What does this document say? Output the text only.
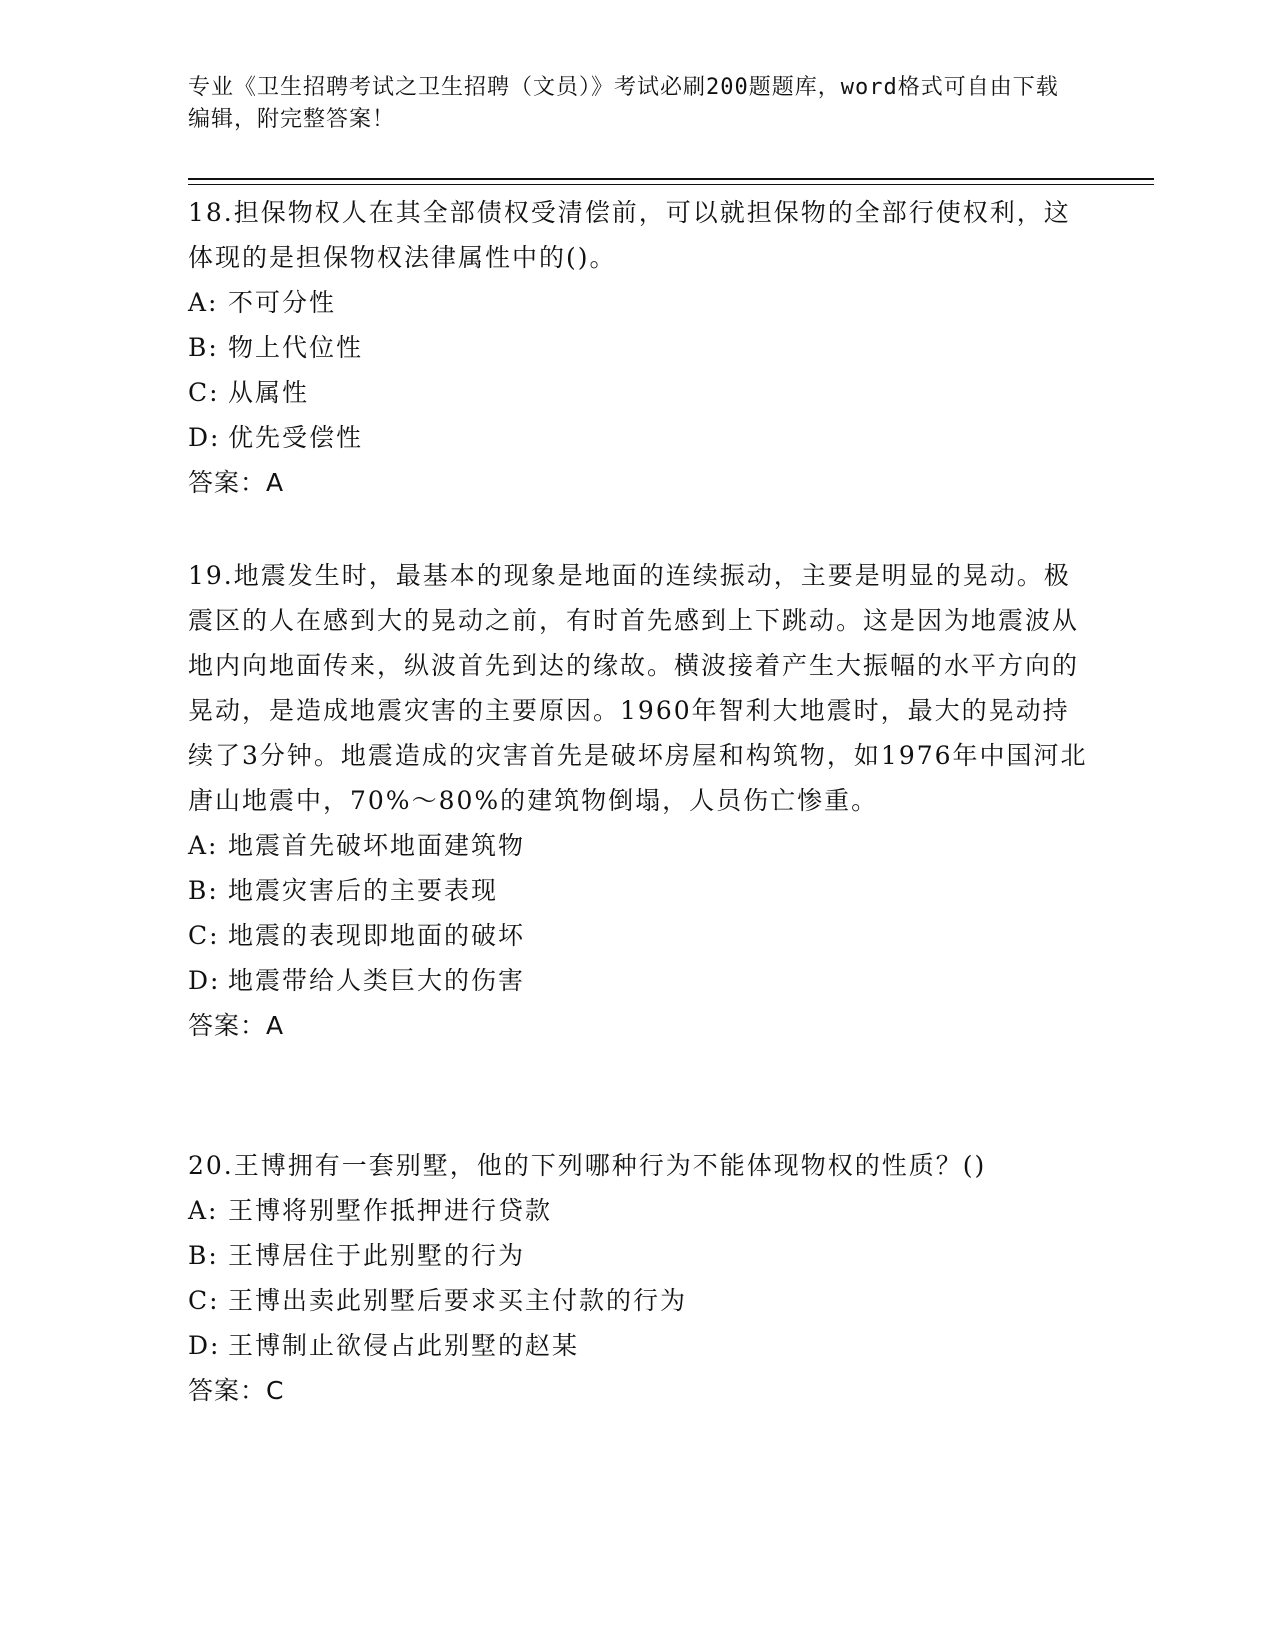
专业《卫生招聘考试之卫生招聘（文员）》考试必刷200题题库，word格式可自由下载编辑，附完整答案！

18.担保物权人在其全部债权受清偿前，可以就担保物的全部行使权利，这体现的是担保物权法律属性中的()。

A: 不可分性

B: 物上代位性

C: 从属性

D: 优先受偿性

答案：A

19.地震发生时，最基本的现象是地面的连续振动，主要是明显的晃动。极震区的人在感到大的晃动之前，有时首先感到上下跳动。这是因为地震波从地内向地面传来，纵波首先到达的缘故。横波接着产生大振幅的水平方向的晃动，是造成地震灾害的主要原因。1960年智利大地震时，最大的晃动持续了3分钟。地震造成的灾害首先是破坏房屋和构筑物，如1976年中国河北唐山地震中，70%～80%的建筑物倒塌，人员伤亡惨重。

A: 地震首先破坏地面建筑物

B: 地震灾害后的主要表现

C: 地震的表现即地面的破坏

D: 地震带给人类巨大的伤害

答案：A

20.王博拥有一套别墅，他的下列哪种行为不能体现物权的性质？()

A: 王博将别墅作抵押进行贷款

B: 王博居住于此别墅的行为

C: 王博出卖此别墅后要求买主付款的行为

D: 王博制止欲侵占此别墅的赵某

答案：C
